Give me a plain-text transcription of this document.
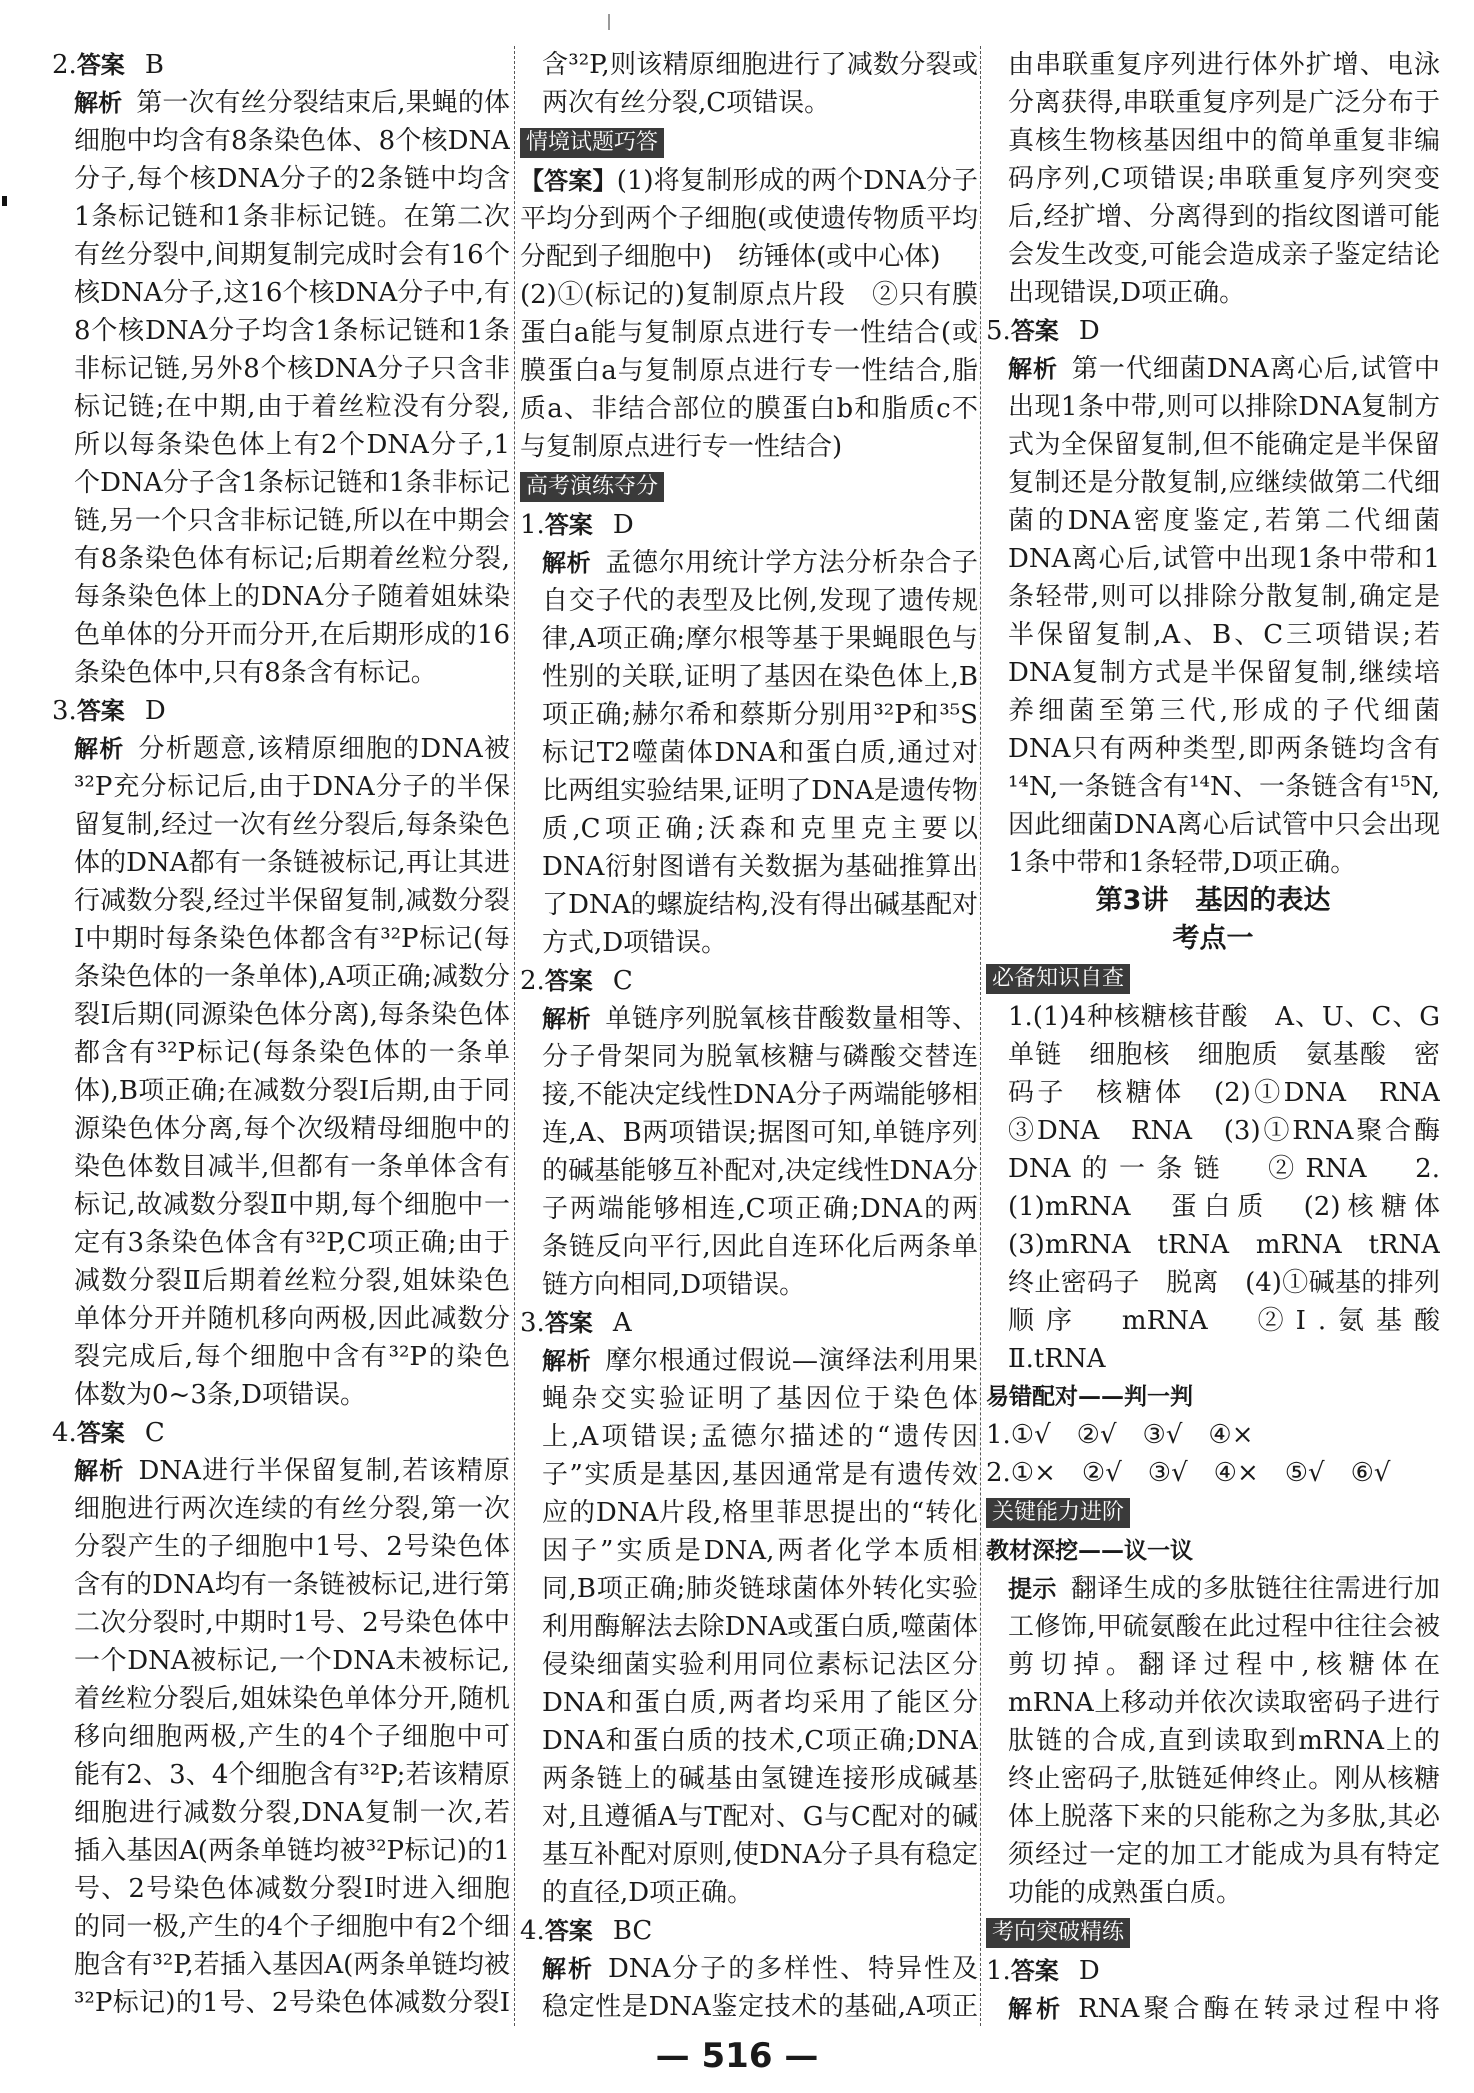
2.答案 B

解析 第一次有丝分裂结束后,果蝇的体细胞中均含有8条染色体、8个核DNA分子,每个核DNA分子的2条链中均含1条标记链和1条非标记链。在第二次有丝分裂中,间期复制完成时会有16个核DNA分子,这16个核DNA分子中,有8个核DNA分子均含1条标记链和1条非标记链,另外8个核DNA分子只含非标记链;在中期,由于着丝粒没有分裂,所以每条染色体上有2个DNA分子,1个DNA分子含1条标记链和1条非标记链,另一个只含非标记链,所以在中期会有8条染色体有标记;后期着丝粒分裂,每条染色体上的DNA分子随着姐妹染色单体的分开而分开,在后期形成的16条染色体中,只有8条含有标记。

3.答案 D

解析 分析题意,该精原细胞的DNA被³²P充分标记后,由于DNA分子的半保留复制,经过一次有丝分裂后,每条染色体的DNA都有一条链被标记,再让其进行减数分裂,经过半保留复制,减数分裂Ⅰ中期时每条染色体都含有³²P标记(每条染色体的一条单体),A项正确;减数分裂Ⅰ后期(同源染色体分离),每条染色体都含有³²P标记(每条染色体的一条单体),B项正确;在减数分裂Ⅰ后期,由于同源染色体分离,每个次级精母细胞中的染色体数目减半,但都有一条单体含有标记,故减数分裂Ⅱ中期,每个细胞中一定有3条染色体含有³²P,C项正确;由于减数分裂Ⅱ后期着丝粒分裂,姐妹染色单体分开并随机移向两极,因此减数分裂完成后,每个细胞中含有³²P的染色体数为0~3条,D项错误。

4.答案 C

解析 DNA进行半保留复制,若该精原细胞进行两次连续的有丝分裂,第一次分裂产生的子细胞中1号、2号染色体含有的DNA均有一条链被标记,进行第二次分裂时,中期时1号、2号染色体中一个DNA被标记,一个DNA未被标记,着丝粒分裂后,姐妹染色单体分开,随机移向细胞两极,产生的4个子细胞中可能有2、3、4个细胞含有³²P;若该精原细胞进行减数分裂,DNA复制一次,若插入基因A(两条单链均被³²P标记)的1号、2号染色体减数分裂Ⅰ时进入细胞的同一极,产生的4个子细胞中有2个细胞含有³²P,若插入基因A(两条单链均被³²P标记)的1号、2号染色体减数分裂Ⅰ

含³²P,则该精原细胞进行了减数分裂或两次有丝分裂,C项错误。

情境试题巧答

【答案】(1)将复制形成的两个DNA分子平均分到两个子细胞(或使遗传物质平均分配到子细胞中)　纺锤体(或中心体)

(2)①(标记的)复制原点片段　②只有膜蛋白a能与复制原点进行专一性结合(或膜蛋白a与复制原点进行专一性结合,脂质a、非结合部位的膜蛋白b和脂质c不与复制原点进行专一性结合)

高考演练夺分

1.答案 D

解析 孟德尔用统计学方法分析杂合子自交子代的表型及比例,发现了遗传规律,A项正确;摩尔根等基于果蝇眼色与性别的关联,证明了基因在染色体上,B项正确;赫尔希和蔡斯分别用³²P和³⁵S标记T2噬菌体DNA和蛋白质,通过对比两组实验结果,证明了DNA是遗传物质,C项正确;沃森和克里克主要以DNA衍射图谱有关数据为基础推算出了DNA的螺旋结构,没有得出碱基配对方式,D项错误。

2.答案 C

解析 单链序列脱氧核苷酸数量相等、分子骨架同为脱氧核糖与磷酸交替连接,不能决定线性DNA分子两端能够相连,A、B两项错误;据图可知,单链序列的碱基能够互补配对,决定线性DNA分子两端能够相连,C项正确;DNA的两条链反向平行,因此自连环化后两条单链方向相同,D项错误。

3.答案 A

解析 摩尔根通过假说—演绎法利用果蝇杂交实验证明了基因位于染色体上,A项错误;孟德尔描述的“遗传因子”实质是基因,基因通常是有遗传效应的DNA片段,格里菲思提出的“转化因子”实质是DNA,两者化学本质相同,B项正确;肺炎链球菌体外转化实验利用酶解法去除DNA或蛋白质,噬菌体侵染细菌实验利用同位素标记法区分DNA和蛋白质,两者均采用了能区分DNA和蛋白质的技术,C项正确;DNA两条链上的碱基由氢键连接形成碱基对,且遵循A与T配对、G与C配对的碱基互补配对原则,使DNA分子具有稳定的直径,D项正确。

4.答案 BC

解析 DNA分子的多样性、特异性及稳定性是DNA鉴定技术的基础,A项正

由串联重复序列进行体外扩增、电泳分离获得,串联重复序列是广泛分布于真核生物核基因组中的简单重复非编码序列,C项错误;串联重复序列突变后,经扩增、分离得到的指纹图谱可能会发生改变,可能会造成亲子鉴定结论出现错误,D项正确。

5.答案 D

解析 第一代细菌DNA离心后,试管中出现1条中带,则可以排除DNA复制方式为全保留复制,但不能确定是半保留复制还是分散复制,应继续做第二代细菌的DNA密度鉴定,若第二代细菌DNA离心后,试管中出现1条中带和1条轻带,则可以排除分散复制,确定是半保留复制,A、B、C三项错误;若DNA复制方式是半保留复制,继续培养细菌至第三代,形成的子代细菌DNA只有两种类型,即两条链均含有¹⁴N,一条链含有¹⁴N、一条链含有¹⁵N,因此细菌DNA离心后试管中只会出现1条中带和1条轻带,D项正确。

第3讲　基因的表达

考点一

必备知识自查

1.(1)4种核糖核苷酸　A、U、C、G　单链　细胞核　细胞质　氨基酸　密码子　核糖体　(2)①DNA　RNA　③DNA　RNA　(3)①RNA聚合酶　DNA的一条链　②RNA　2.(1)mRNA　蛋白质　(2)核糖体　(3)mRNA　tRNA　mRNA　tRNA　终止密码子　脱离　(4)①碱基的排列顺序　mRNA　②Ⅰ.氨基酸　Ⅱ.tRNA

易错配对——判一判

1.①√　②√　③√　④×

2.①×　②√　③√　④×　⑤√　⑥√

关键能力进阶

教材深挖——议一议

提示 翻译生成的多肽链往往需进行加工修饰,甲硫氨酸在此过程中往往会被剪切掉。翻译过程中,核糖体在mRNA上移动并依次读取密码子进行肽链的合成,直到读取到mRNA上的终止密码子,肽链延伸终止。刚从核糖体上脱落下来的只能称之为多肽,其必须经过一定的加工才能成为具有特定功能的成熟蛋白质。

考向突破精练

1.答案 D

解析 RNA聚合酶在转录过程中将

— 516 —
